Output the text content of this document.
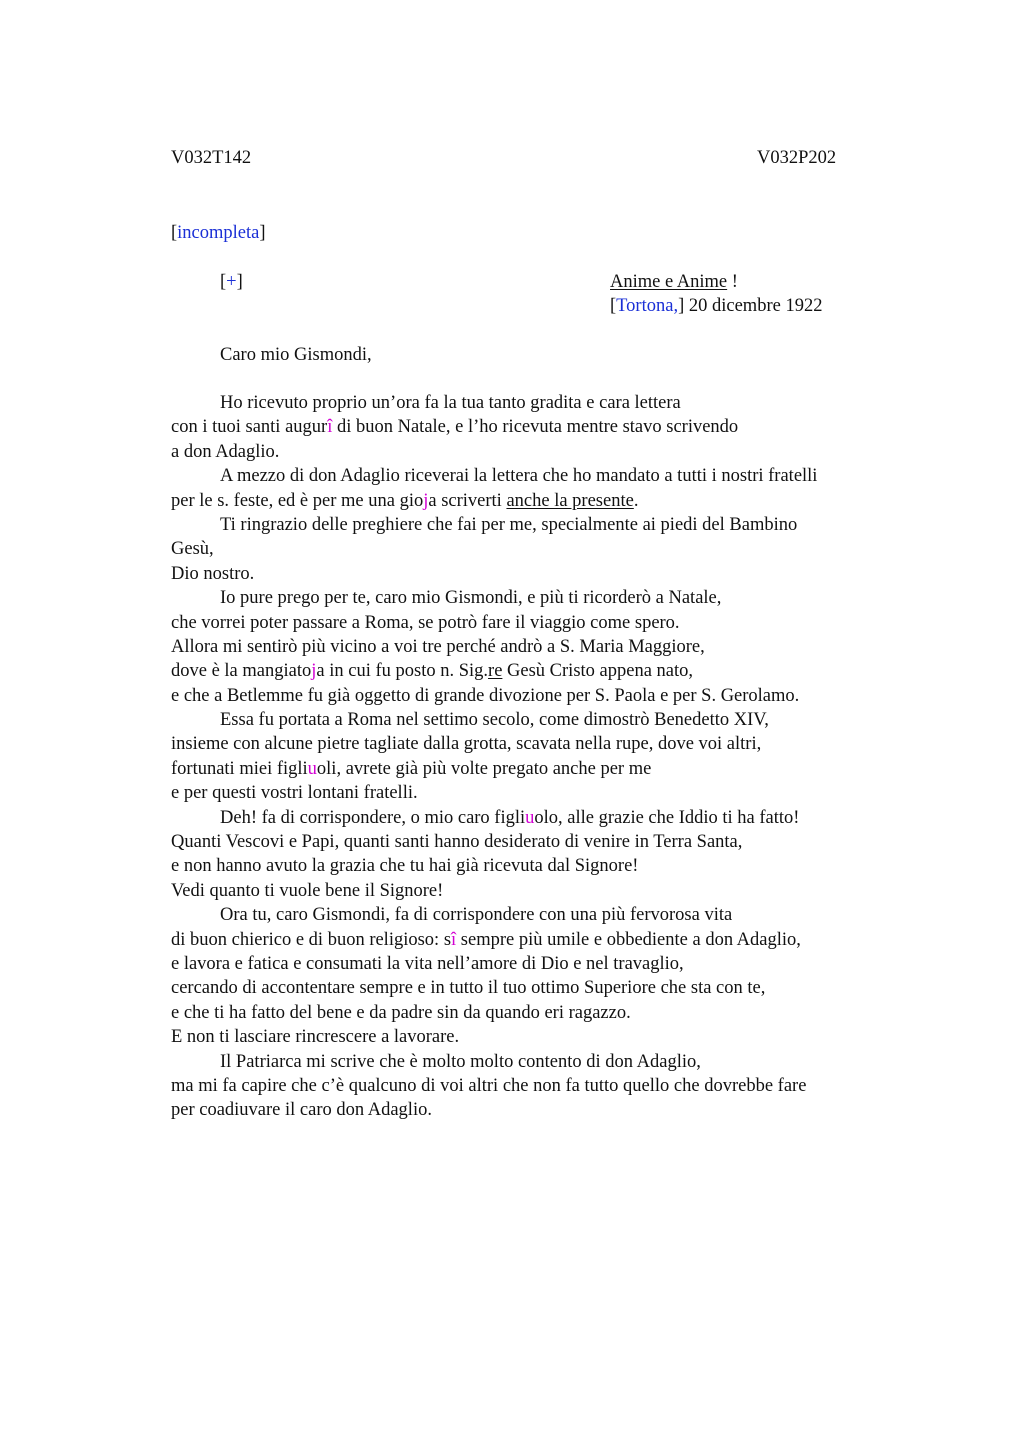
V032T142	V032P202
[incompleta]
[+]	Anime e Anime !
[Tortona,] 20 dicembre 1922
Caro mio Gismondi,
Ho ricevuto proprio un’ora fa la tua tanto gradita e cara lettera
con i tuoi santi augurî di buon Natale, e l’ho ricevuta mentre stavo scrivendo
a don Adaglio.
A mezzo di don Adaglio riceverai la lettera che ho mandato a tutti i nostri fratelli
per le s. feste, ed è per me una gioja scriverti anche la presente.
Ti ringrazio delle preghiere che fai per me, specialmente ai piedi del Bambino
Gesù,
Dio nostro.
Io pure prego per te, caro mio Gismondi, e più ti ricorderò a Natale,
che vorrei poter passare a Roma, se potrò fare il viaggio come spero.
Allora mi sentirò più vicino a voi tre perché andrò a S. Maria Maggiore,
dove è la mangiatoja in cui fu posto n. Sig.re Gesù Cristo appena nato,
e che a Betlemme fu già oggetto di grande divozione per S. Paola e per S. Gerolamo.
Essa fu portata a Roma nel settimo secolo, come dimostrò Benedetto XIV,
insieme con alcune pietre tagliate dalla grotta, scavata nella rupe, dove voi altri,
fortunati miei figliuoli, avrete già più volte pregato anche per me
e per questi vostri lontani fratelli.
Deh! fa di corrispondere, o mio caro figliuolo, alle grazie che Iddio ti ha fatto!
Quanti Vescovi e Papi, quanti santi hanno desiderato di venire in Terra Santa,
e non hanno avuto la grazia che tu hai già ricevuta dal Signore!
Vedi quanto ti vuole bene il Signore!
Ora tu, caro Gismondi, fa di corrispondere con una più fervorosa vita
di buon chierico e di buon religioso: sî sempre più umile e obbediente a don Adaglio,
e lavora e fatica e consumati la vita nell’amore di Dio e nel travaglio,
cercando di accontentare sempre e in tutto il tuo ottimo Superiore che sta con te,
e che ti ha fatto del bene e da padre sin da quando eri ragazzo.
E non ti lasciare rincrescere a lavorare.
Il Patriarca mi scrive che è molto molto contento di don Adaglio,
ma mi fa capire che c’è qualcuno di voi altri che non fa tutto quello che dovrebbe fare
per coadiuvare il caro don Adaglio.
